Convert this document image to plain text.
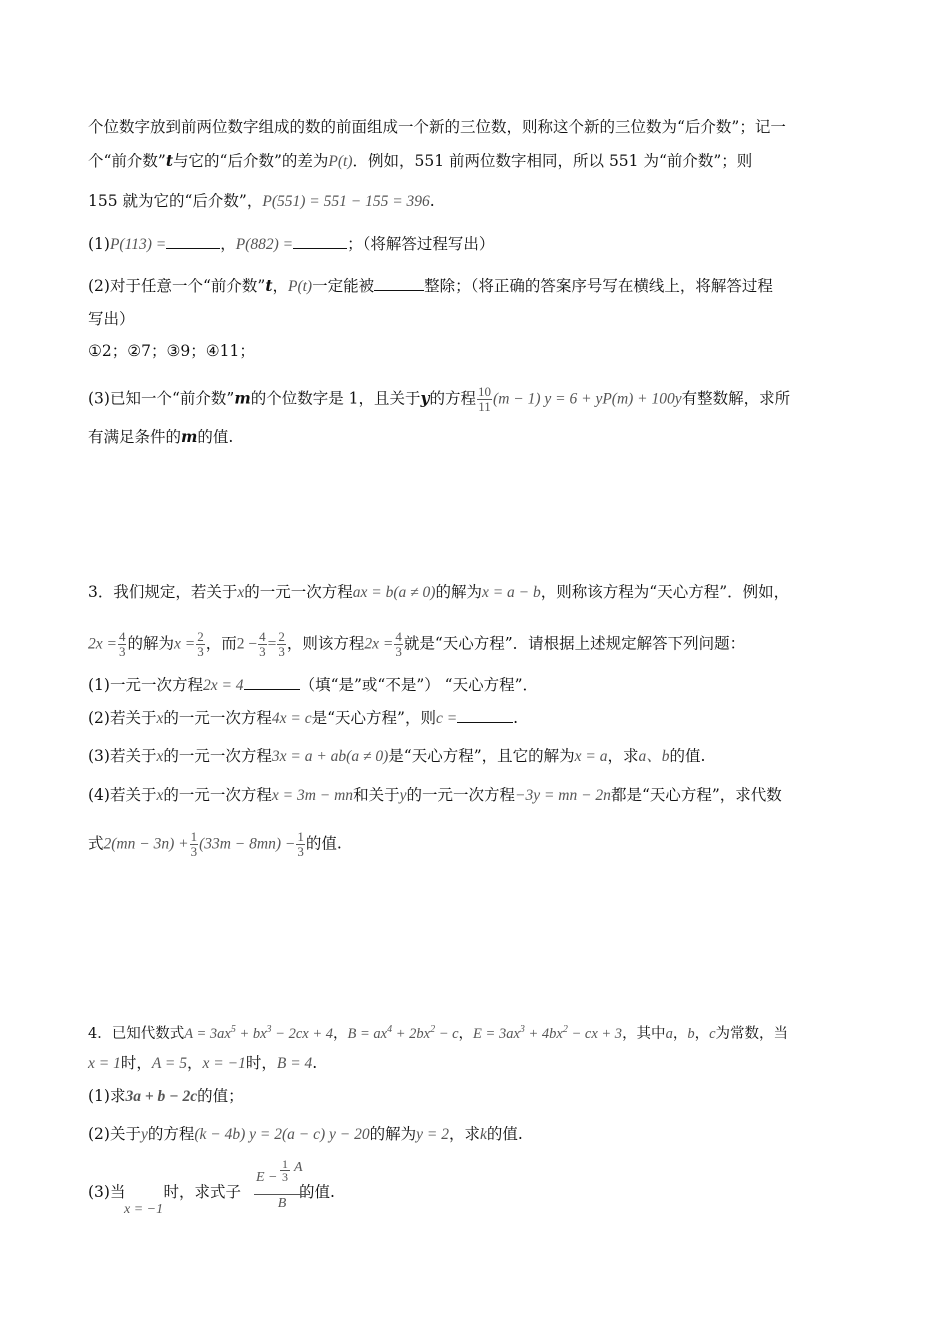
个位数字放到前两位数字组成的数的前面组成一个新的三位数，则称这个新的三位数为“后介数”；记一
个“前介数”t与它的“后介数”的差为P(t)．例如，551 前两位数字相同，所以 551 为“前介数”；则
155 就为它的“后介数”，P(551) = 551 − 155 = 396.
(1)P(113) =	，P(882) =	；（将解答过程写出）
(2)对于任意一个“前介数”t，P(t)一定能被	整除；（将正确的答案序号写在横线上，将解答过程
写出）
①2；②7；③9；④11；
(3)已知一个“前介数”m的个位数字是 1，且关于y的方程 $\frac{10}{11} (m - 1) y = 6 + yP(m) + 100y$有整数解，求所
有满足条件的m的值.
3．我们规定，若关于x的一元一次方程ax = b(a ≠ 0)的解为x = a − b，则称该方程为“天心方程”．例如，
$2x = \frac{4}{3}$ 的解为$x = \frac{2}{3}$ ，而$2 - \frac{4}{3} = \frac{2}{3}$ ，则该方程$2x = \frac{4}{3}$ 就是“天心方程”．请根据上述规定解答下列问题：
(1)一元一次方程2x = 4	（填“是”或“不是”） “天心方程”．
(2)若关于x的一元一次方程4x = c是“天心方程”，则c =	.
(3)若关于x的一元一次方程3x = a + ab(a ≠ 0)是“天心方程”，且它的解为x = a，求a、b的值.
(4)若关于x的一元一次方程x = 3m − mn和关于y的一元一次方程−3y = mn − 2n都是“天心方程”，求代数
式$2(mn - 3n) + \frac{1}{3} (33m - 8mn) - \frac{1}{3}$ 的值.
4．已知代数式$A = 3ax^5 + bx^3 - 2cx + 4$，$B = ax^4 + 2bx^2 - c$，$E = 3ax^3 + 4bx^2$ − cx + 3，其中a，b，c为常数，当
x = 1时，A = 5，x = −1时，B = 4.
(1)求3a + b − 2c的值；
(2)关于y的方程(k − 4b) y = 2(a − c) y − 20的解为y = 2，求k的值.
(3)当 时，求式子	的值.
x = −1	E −
1
3
A
B
